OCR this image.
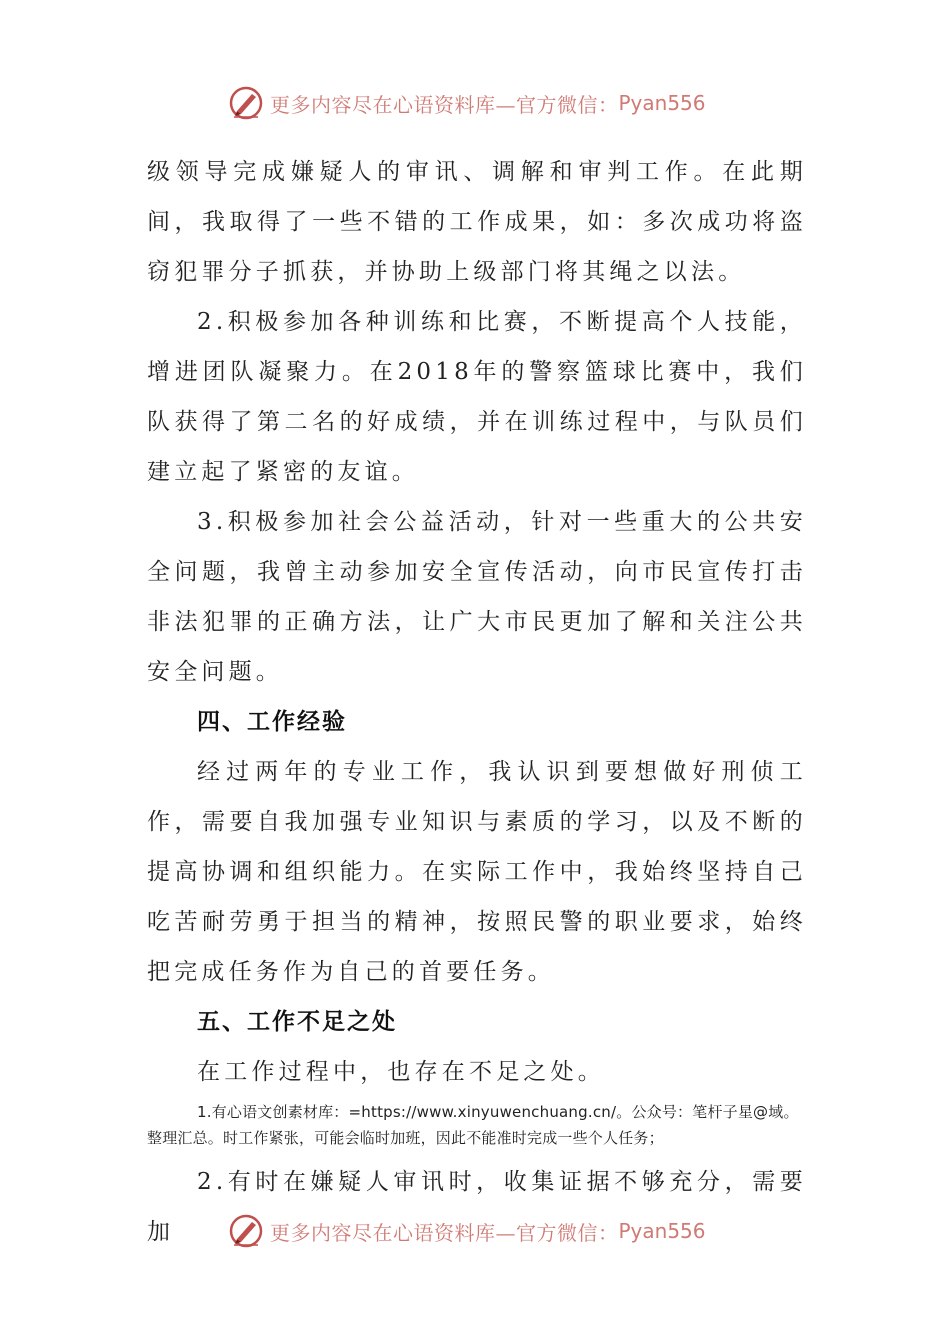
更多内容尽在心语资料库—官方微信： Pyan556

级领导完成嫌疑人的审讯、调解和审判工作。在此期间，我取得了一些不错的工作成果，如：多次成功将盗窃犯罪分子抓获，并协助上级部门将其绳之以法。

2.积极参加各种训练和比赛，不断提高个人技能，增进团队凝聚力。在2018年的警察篮球比赛中，我们队获得了第二名的好成绩，并在训练过程中，与队员们建立起了紧密的友谊。

3.积极参加社会公益活动，针对一些重大的公共安全问题，我曾主动参加安全宣传活动，向市民宣传打击非法犯罪的正确方法，让广大市民更加了解和关注公共安全问题。

四、工作经验

经过两年的专业工作，我认识到要想做好刑侦工作，需要自我加强专业知识与素质的学习，以及不断的提高协调和组织能力。在实际工作中，我始终坚持自己吃苦耐劳勇于担当的精神，按照民警的职业要求，始终把完成任务作为自己的首要任务。

五、工作不足之处

在工作过程中，也存在不足之处。

1.有心语文创素材库：=https://www.xinyuwenchuang.cn/。公众号：笔杆子星@域。整理汇总。时工作紧张，可能会临时加班，因此不能准时完成一些个人任务；

2.有时在嫌疑人审讯时，收集证据不够充分，需要加	更多内容尽在心语资料库—官方微信： Pyan556
